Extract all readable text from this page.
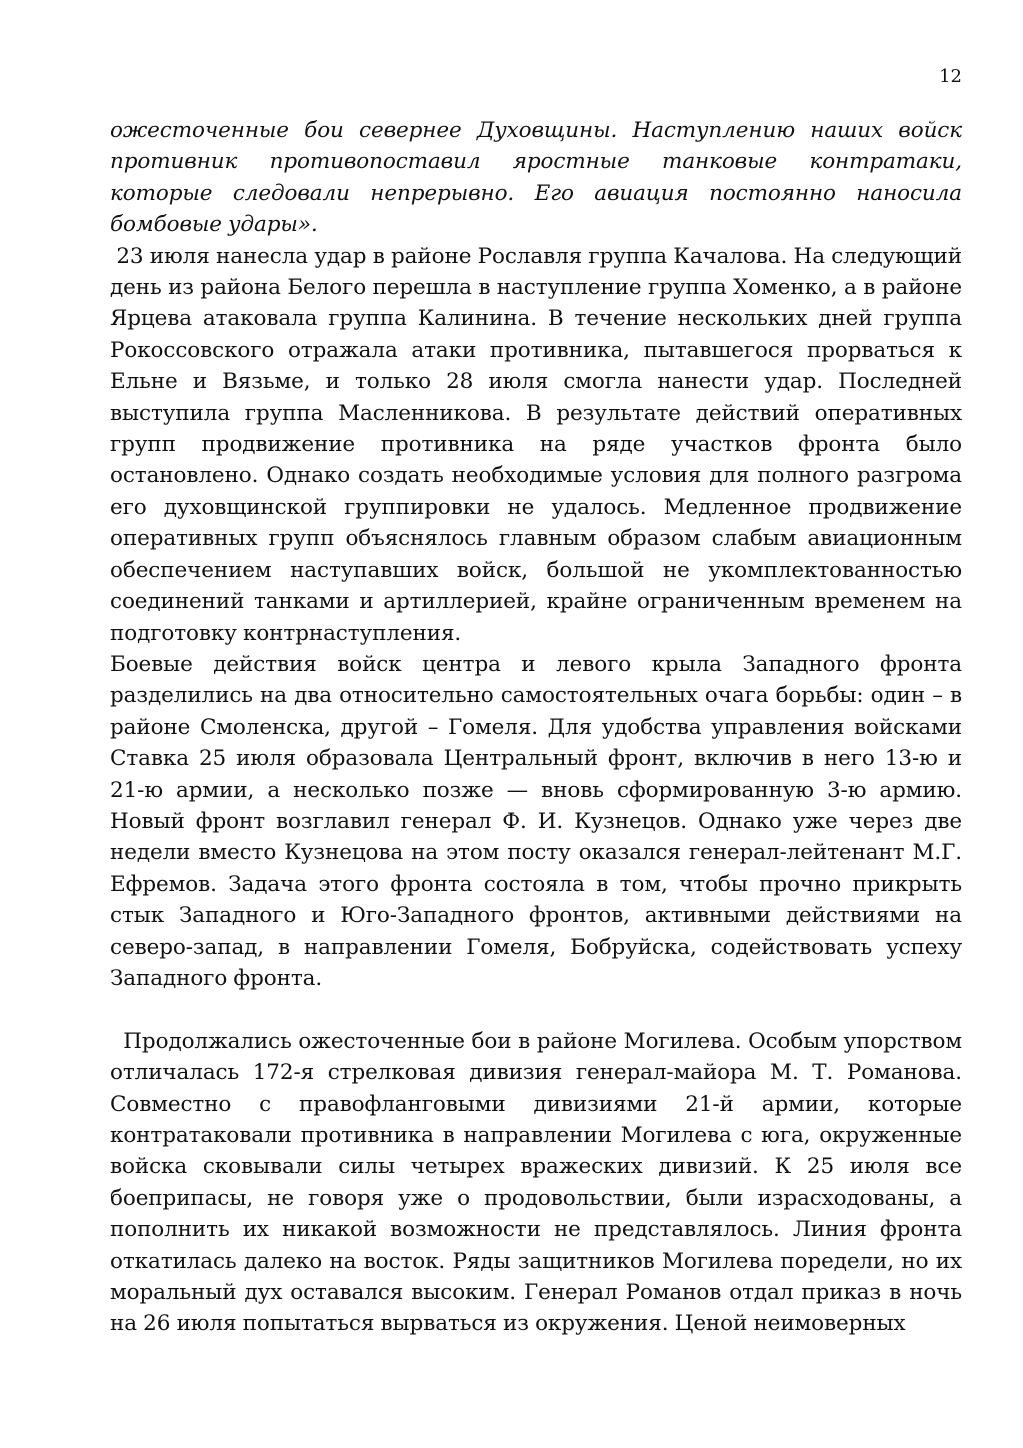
12

ожесточенные бои севернее Духовщины. Наступлению наших войск противник противопоставил яростные танковые контратаки, которые следовали непрерывно. Его авиация постоянно наносила бомбовые удары».

23 июля нанесла удар в районе Рославля группа Качалова. На следующий день из района Белого перешла в наступление группа Хоменко, а в районе Ярцева атаковала группа Калинина. В течение нескольких дней группа Рокоссовского отражала атаки противника, пытавшегося прорваться к Ельне и Вязьме, и только 28 июля смогла нанести удар. Последней выступила группа Масленникова. В результате действий оперативных групп продвижение противника на ряде участков фронта было остановлено. Однако создать необходимые условия для полного разгрома его духовщинской группировки не удалось. Медленное продвижение оперативных групп объяснялось главным образом слабым авиационным обеспечением наступавших войск, большой не укомплектованностью соединений танками и артиллерией, крайне ограниченным временем на подготовку контрнаступления.

Боевые действия войск центра и левого крыла Западного фронта разделились на два относительно самостоятельных очага борьбы: один – в районе Смоленска, другой – Гомеля. Для удобства управления войсками Ставка 25 июля образовала Центральный фронт, включив в него 13-ю и 21-ю армии, а несколько позже — вновь сформированную 3-ю армию. Новый фронт возглавил генерал Ф. И. Кузнецов. Однако уже через две недели вместо Кузнецова на этом посту оказался генерал-лейтенант М.Г. Ефремов. Задача этого фронта состояла в том, чтобы прочно прикрыть стык Западного и Юго-Западного фронтов, активными действиями на северо-запад, в направлении Гомеля, Бобруйска, содействовать успеху Западного фронта.

Продолжались ожесточенные бои в районе Могилева. Особым упорством отличалась 172-я стрелковая дивизия генерал-майора М. Т. Романова. Совместно с правофланговыми дивизиями 21-й армии, которые контратаковали противника в направлении Могилева с юга, окруженные войска сковывали силы четырех вражеских дивизий. К 25 июля все боеприпасы, не говоря уже о продовольствии, были израсходованы, а пополнить их никакой возможности не представлялось. Линия фронта откатилась далеко на восток. Ряды защитников Могилева поредели, но их моральный дух оставался высоким. Генерал Романов отдал приказ в ночь на 26 июля попытаться вырваться из окружения. Ценой неимоверных
